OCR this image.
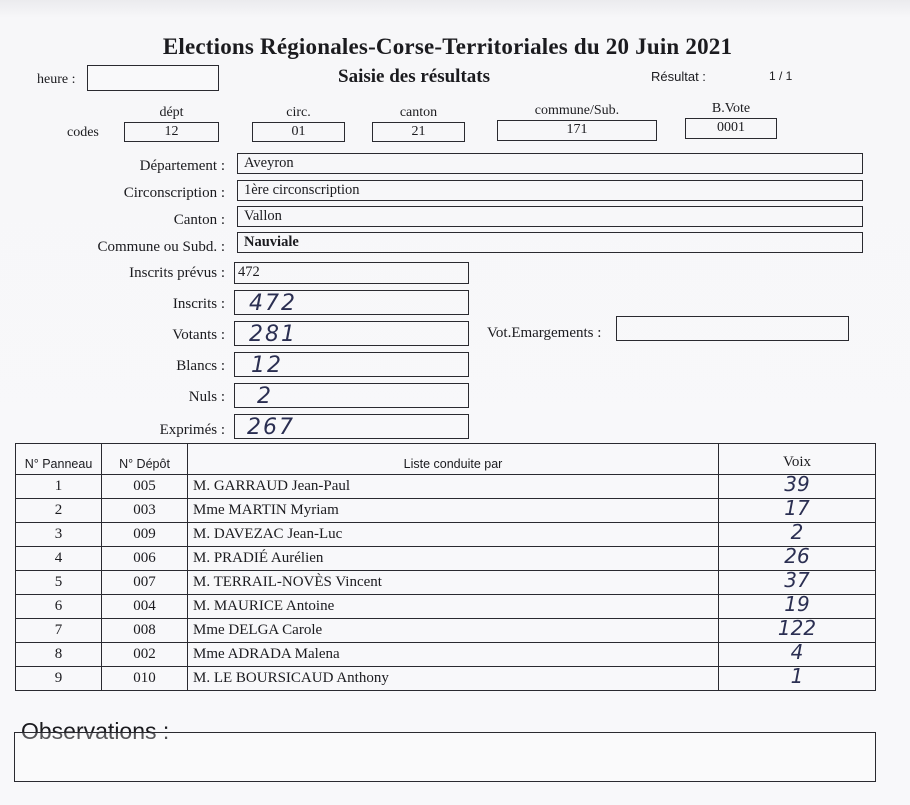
Elections Régionales-Corse-Territoriales du 20 Juin 2021
heure :	Saisie des résultats	Résultat :	1 / 1
codes
dépt
12
circ.
01
canton
21
commune/Sub.
171
B.Vote
0001
Département :	Aveyron
Circonscription :	1ère circonscription
Canton :	Vallon
Commune ou Subd. :	Nauviale
Inscrits prévus : 472
Inscrits :	472
Votants :	281	Vot.Emargements :
Blancs :	12
Nuls :	2
Exprimés :	267
N° Panneau	N° Dépôt	Liste conduite par	Voix
1	005	M. GARRAUD Jean-Paul	39
2	003	Mme MARTIN Myriam	17
3	009	M. DAVEZAC Jean-Luc	2
4	006	M. PRADIÉ Aurélien	26
5	007	M. TERRAIL-NOVÈS Vincent	37
6	004	M. MAURICE Antoine	19
7	008	Mme DELGA Carole	122
8	002	Mme ADRADA Malena	4
9	010	M. LE BOURSICAUD Anthony	1
Observations :
